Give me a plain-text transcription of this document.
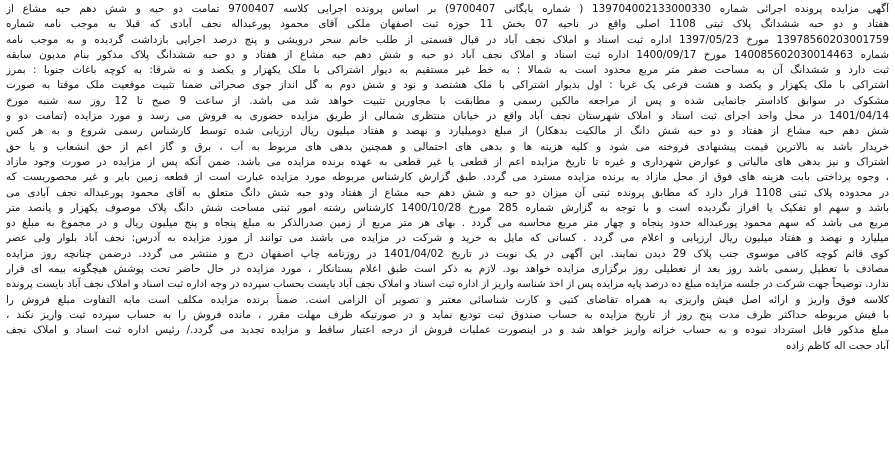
آگهی مزایده پرونده اجرائی شماره 139704002133000330 ( شماره بایگانی 9700407) بر اساس پرونده اجرایی کلاسه 9700407 تمامت دو حبه و شش دهم حبه مشاع از
هفتاد و دو حبه ششدانگ پلاک ثبتی 1108 اصلی واقع در ناحیه 07 بخش 11 حوزه ثبت اصفهان ملکی آقای محمود پورعبداله نجف آبادی که قبلا به موجب نامه شماره
13978560203001759 مورخ 1397/05/23 اداره ثبت اسناد و املاک نجف آباد در قبال قسمتی از طلب خانم سحر درویشی و پنج درصد اجرایی بازداشت گردیده و به موجب نامه
شماره 140085602030014463 مورخ 1400/09/17 اداره ثبت اسناد و املاک نجف آباد دو حبه و شش دهم حبه مشاع از هفتاد و دو حبه ششدانگ پلاک مذکور بنام مدیون سابقه
ثبت دارد و ششدانگ آن به مساحت صفر متر مربع محدود است به شمالا : به خط غیر مستقیم به دیوار اشتراکی با ملک یکهزار و یکصد و نه شرقا: به کوچه باغات جنوبا : بمرز
اشتراکی با ملک یکهزار و یکصد و هشت فرعی یک غربا : اول بدیوار اشتراکی با ملک هشتصد و نود و شش دوم به گل انداز جوی صحرائی ضمنا تثبیت موقعیت ملک موقتا به صورت
مشکوک در سوابق کاداستر جانمایی شده و پس از مراجعه مالکین رسمی و مطابقت با مجاورین تثبیت خواهد شد می باشد. از ساعت 9 صبح تا 12 روز سه شنبه مورخ
1401/04/14 در محل واحد اجرای ثبت اسناد و املاک شهرستان نجف آباد واقع در خیابان منتظری شمالی از طریق مزایده حضوری به فروش می رسد و مورد مزایده (تمامت دو و
شش دهم حبه مشاع از هفتاد و دو حبه شش دانگ از مالکیت بدهکار) از مبلغ دومیلیارد و نهصد و هفتاد میلیون ریال ارزیابی شده توسط کارشناس رسمی شروع و به هر کس
خریدار باشد به بالاترین قیمت پیشنهادی فروخته می شود و کلیه هزینه ها و بدهی های احتمالی و همچنین بدهی های مربوط به آب ، برق و گاز اعم از حق انشعاب و یا حق
اشتراک و نیز بدهی های مالیاتی و عوارض شهرداری و غیره تا تاریخ مزایده اعم از قطعی یا غیر قطعی به عهده برنده مزایده می باشد. ضمن آنکه پس از مزایده در صورت وجود مازاد
، وجوه پرداختی بابت هزینه های فوق از محل مازاد به برنده مزایده مسترد می گردد. طبق گزارش کارشناس مربوطه مورد مزایده عبارت است از قطعه زمین بایر و غیر محصوریست که
در محدوده پلاک ثبتی 1108 قرار دارد که مطابق پرونده ثبتی آن میزان دو حبه و شش دهم حبه مشاع از هفتاد ودو حبه شش دانگ متعلق به آقای محمود پورعبداله نجف آبادی می
باشد و سهم او تفکیک یا افراز نگردیده است و با توجه به گزارش شماره 285 مورخ 1400/10/28 کارشناس رشته امور ثبتی مساحت شش دانگ پلاک موصوف یکهزار و پانصد متر
مربع می باشد که سهم محمود پورعبداله حدود پنجاه و چهار متر مربع محاسبه می گردد . بهای هر متر مربع از زمین صدرالذکر به مبلغ پنجاه و پنج میلیون ریال و در مجموع به مبلغ دو
میلیارد و نهصد و هفتاد میلیون ریال ارزیابی و اعلام می گردد . کسانی که مایل به خرید و شرکت در مزایده می باشند می توانند از مورد مزایده به آدرس: نجف آباد بلوار ولی عصر
کوی قائم کوچه کافی موسوی جنب پلاک 29 دیدن نمایند. این آگهی در یک نوبت در تاریخ 1401/04/02 در روزنامه چاپ اصفهان درج و منتشر می گردد. درضمن چنانچه روز مزایده
مصادف با تعطیل رسمی باشد روز بعد از تعطیلی روز برگزاری مزایده خواهد بود. لازم به ذکر است طبق اعلام بستانکار ، مورد مزایده در حال حاضر تحت پوشش هیچگونه بیمه ای قرار
ندارد. توضیحاً جهت شرکت در جلسه مزایده مبلغ ده درصد پایه مزایده پس از اخذ شناسه واریز از اداره ثبت اسناد و املاک نجف آباد بایست بحساب سپرده در وجه اداره ثبت اسناد و املاک نجف آباد بایست پرونده
کلاسه فوق واریز و ارائه اصل فیش واریزی به همراه تقاضای کتبی و کارت شناسائی معتبر و تصویر آن الزامی است. ضمناً برنده مزایده مکلف است مابه التفاوت مبلغ فروش را
با فیش مربوطه حداکثر ظرف مدت پنج روز از تاریخ مزایده به حساب صندوق ثبت تودیع نماید و در صورتیکه ظرف مهلت مقرر ، مانده فروش را به حساب سپرده ثبت واریز نکند ،
مبلغ مذکور قابل استرداد نبوده و به حساب خزانه واریز خواهد شد و در اینصورت عملیات فروش از درجه اعتبار ساقط و مزایده تجدید می گردد./ رئیس اداره ثبت اسناد و املاک نجف
آباد حجت اله کاظم زاده
